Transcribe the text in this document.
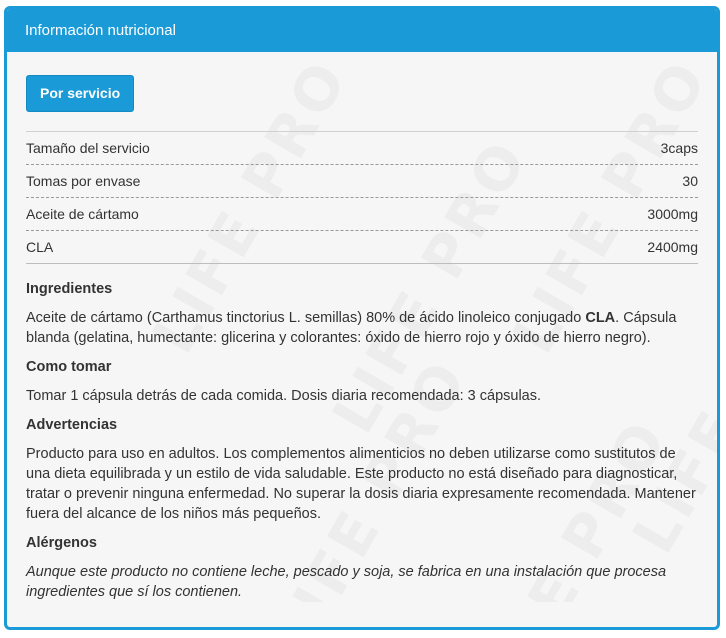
Información nutricional
Por servicio
Tamaño del servicio	3caps
Tomas por envase	30
Aceite de cártamo	3000mg
CLA	2400mg

Ingredientes

Aceite de cártamo (Carthamus tinctorius L. semillas) 80% de ácido linoleico conjugado CLA. Cápsula blanda (gelatina, humectante: glicerina y colorantes: óxido de hierro rojo y óxido de hierro negro).

Como tomar

Tomar 1 cápsula detrás de cada comida. Dosis diaria recomendada: 3 cápsulas.

Advertencias

Producto para uso en adultos. Los complementos alimenticios no deben utilizarse como sustitutos de una dieta equilibrada y un estilo de vida saludable. Este producto no está diseñado para diagnosticar, tratar o prevenir ninguna enfermedad. No superar la dosis diaria expresamente recomendada. Mantener fuera del alcance de los niños más pequeños.

Alérgenos

Aunque este producto no contiene leche, pescado y soja, se fabrica en una instalación que procesa ingredientes que sí los contienen.
